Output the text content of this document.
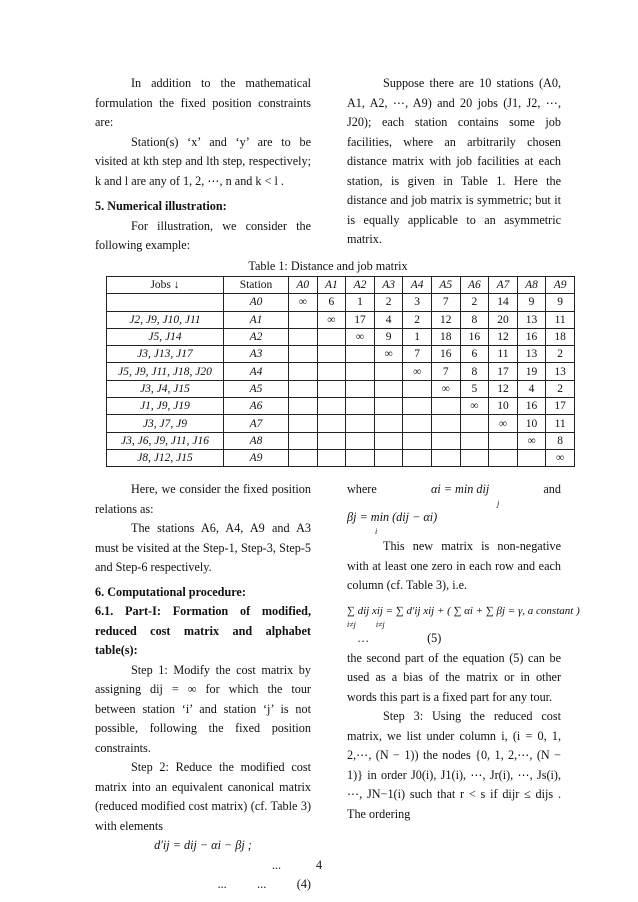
In addition to the mathematical formulation the fixed position constraints are:

Station(s) ‘x’ and ‘y’ are to be visited at kth step and lth step, respectively; k and l are any of 1, 2, ⋯, n and k < l .

5. Numerical illustration:

For illustration, we consider the following example:

Suppose there are 10 stations (A0, A1, A2, ⋯, A9) and 20 jobs (J1, J2, ⋯, J20); each station contains some job facilities, where an arbitrarily chosen distance matrix with job facilities at each station, is given in Table 1. Here the distance and job matrix is symmetric; but it is equally applicable to an asymmetric matrix.

Table 1: Distance and job matrix
Jobs ↓	Station	A0	A1	A2	A3	A4	A5	A6	A7	A8	A9
	A0	∞	6	1	2	3	7	2	14	9	9
J2, J9, J10, J11	A1		∞	17	4	2	12	8	20	13	11
J5, J14	A2			∞	9	1	18	16	12	16	18
J3, J13, J17	A3				∞	7	16	6	11	13	2
J5, J9, J11, J18, J20	A4					∞	7	8	17	19	13
J3, J4, J15	A5						∞	5	12	4	2
J1, J9, J19	A6							∞	10	16	17
J3, J7, J9	A7								∞	10	11
J3, J6, J9, J11, J16	A8									∞	8
J8, J12, J15	A9										∞

Here, we consider the fixed position relations as:

The stations A6, A4, A9 and A3 must be visited at the Step-1, Step-3, Step-5 and Step-6 respectively.

6. Computational procedure:

6.1. Part-I: Formation of modified, reduced cost matrix and alphabet table(s):

Step 1: Modify the cost matrix by assigning dij = ∞ for which the tour between station ‘i’ and station ‘j’ is not possible, following the fixed position constraints.

Step 2: Reduce the modified cost matrix into an equivalent canonical matrix (reduced modified cost matrix) (cf. Table 3) with elements

d′ij = dij − αi − βj ;

...

...          ...          (4)

where	αi = min dij	and

j

βj = min (dij − αi)

i

This new matrix is non-negative with at least one zero in each row and each column (cf. Table 3), i.e.

∑ dij xij = ∑ d′ij xij + ( ∑ αi + ∑ βj = γ, a constant )

i≠j          i≠j

…                   (5)

the second part of the equation (5) can be used as a bias of the matrix or in other words this part is a fixed part for any tour.

Step 3: Using the reduced cost matrix, we list under column i, (i = 0, 1, 2,⋯, (N − 1)) the nodes {0, 1, 2,⋯, (N − 1)} in order J0(i), J1(i), ⋯, Jr(i), ⋯, Js(i), ⋯, JN−1(i) such that r < s if dijr ≤ dijs . The ordering

4
